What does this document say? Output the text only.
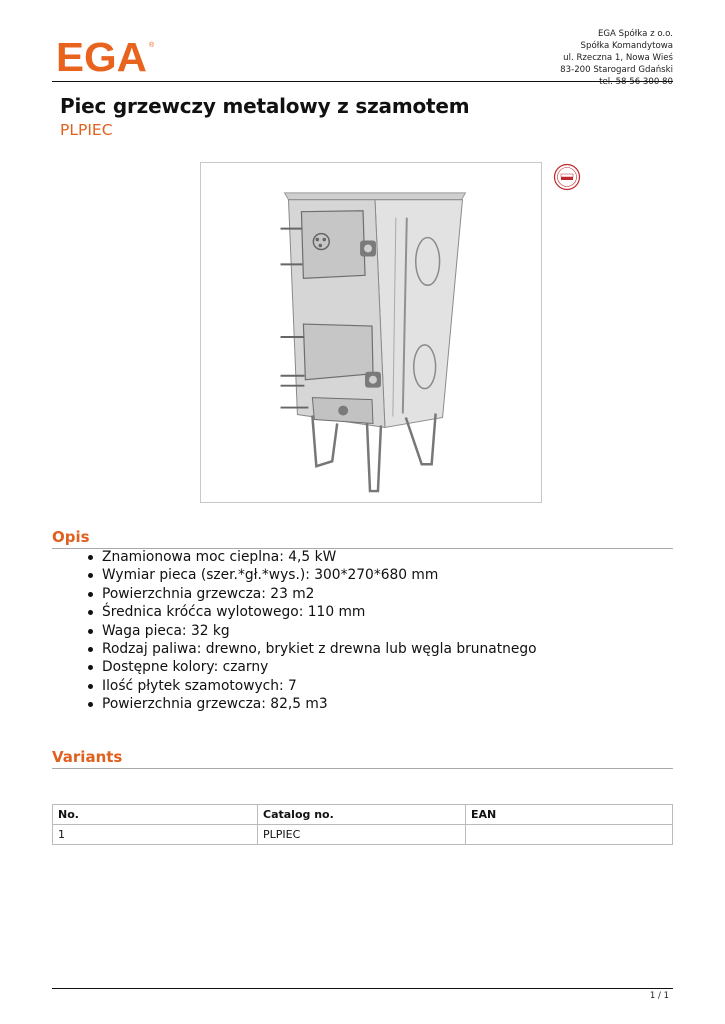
EGA ®
EGA Spółka z o.o.
Spółka Komandytowa
ul. Rzeczna 1, Nowa Wieś
83-200 Starogard Gdański
tel. 58 56 300 80
Piec grzewczy metalowy z szamotem
PLPIEC
Opis
Znamionowa moc cieplna: 4,5 kW
Wymiar pieca (szer.*gł.*wys.): 300*270*680 mm
Powierzchnia grzewcza: 23 m2
Średnica króćca wylotowego: 110 mm
Waga pieca: 32 kg
Rodzaj paliwa: drewno, brykiet z drewna lub węgla brunatnego
Dostępne kolory: czarny
Ilość płytek szamotowych: 7
Powierzchnia grzewcza: 82,5 m3
Variants
No.	Catalog no.	EAN
1	PLPIEC	
1 / 1
